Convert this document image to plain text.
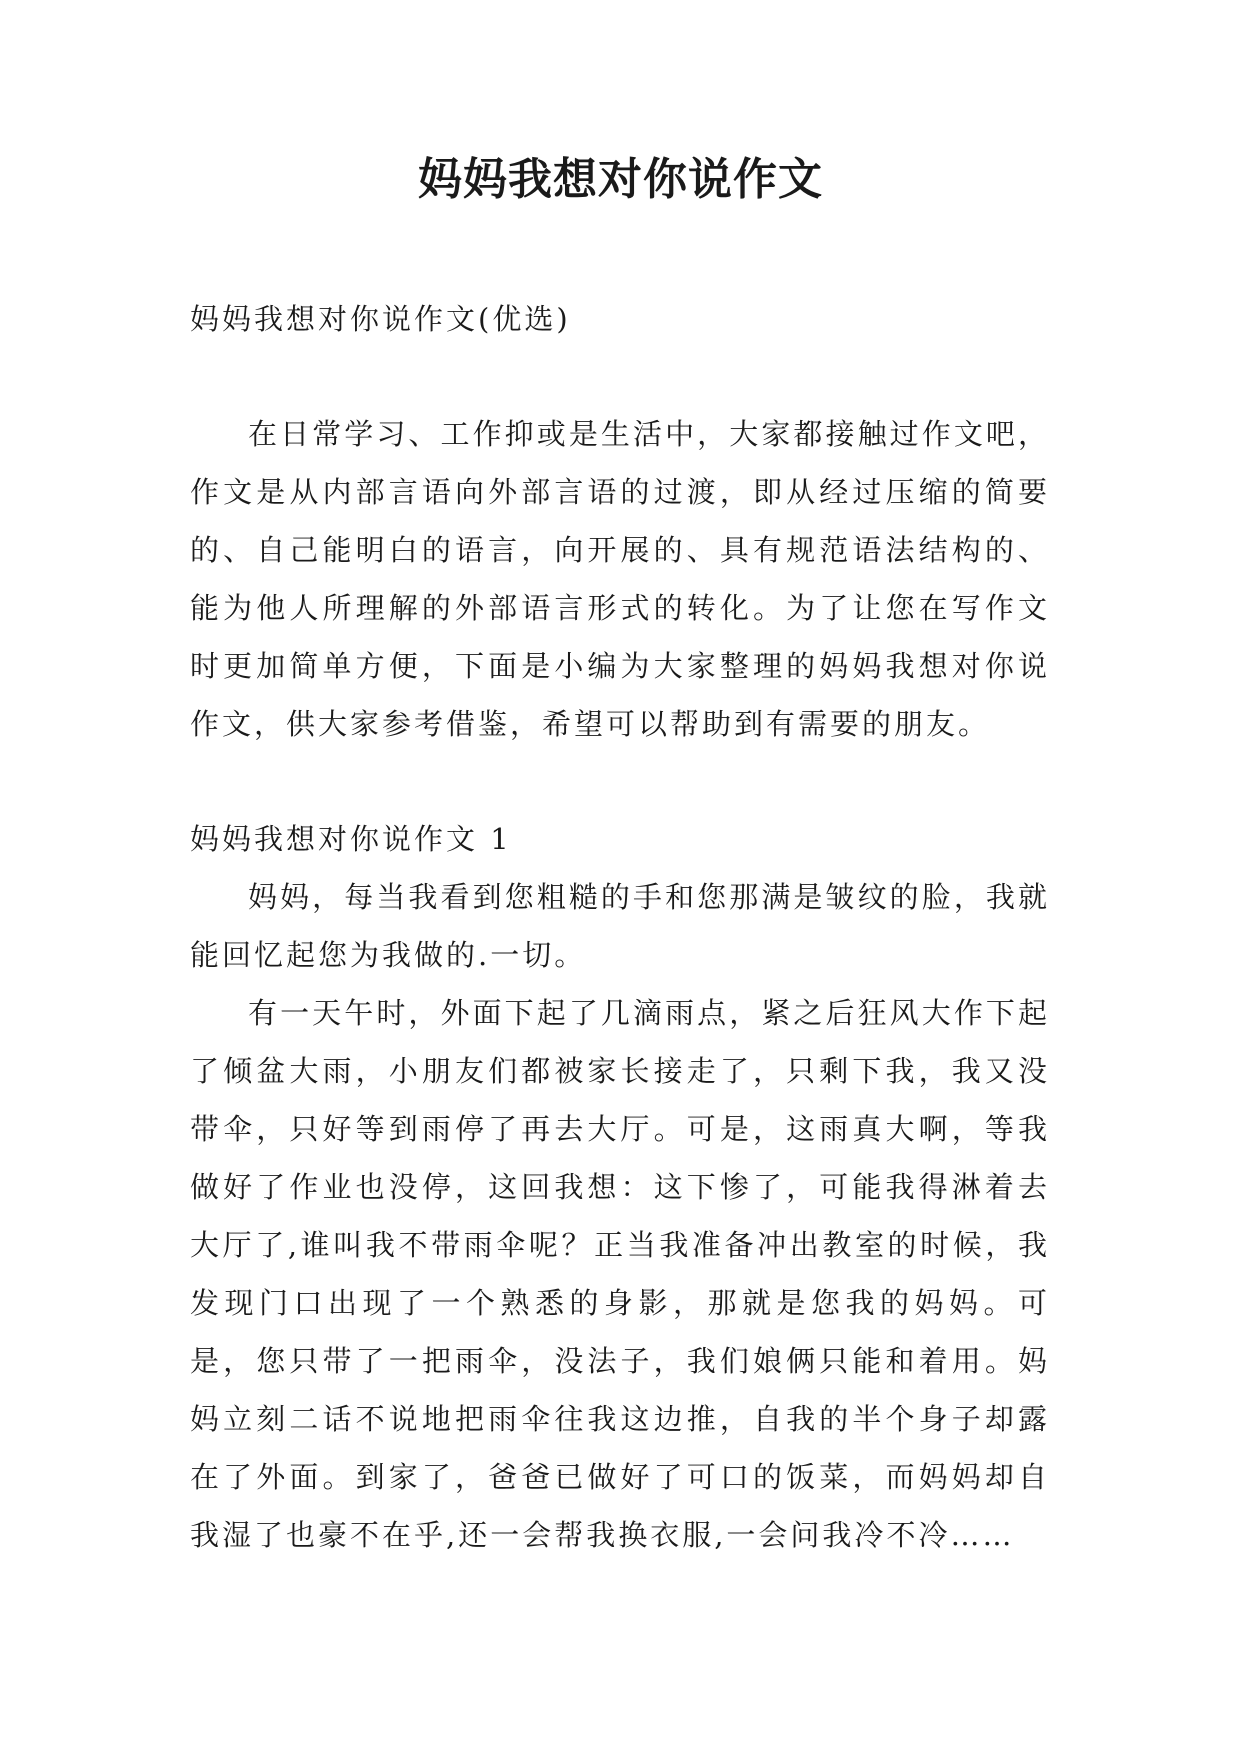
妈妈我想对你说作文

妈妈我想对你说作文(优选)

在日常学习、工作抑或是生活中，大家都接触过作文吧，作文是从内部言语向外部言语的过渡，即从经过压缩的简要的、自己能明白的语言，向开展的、具有规范语法结构的、能为他人所理解的外部语言形式的转化。为了让您在写作文时更加简单方便，下面是小编为大家整理的妈妈我想对你说作文，供大家参考借鉴，希望可以帮助到有需要的朋友。

妈妈我想对你说作文 1

妈妈，每当我看到您粗糙的手和您那满是皱纹的脸，我就能回忆起您为我做的.一切。

有一天午时，外面下起了几滴雨点，紧之后狂风大作下起了倾盆大雨，小朋友们都被家长接走了，只剩下我，我又没带伞，只好等到雨停了再去大厅。可是，这雨真大啊，等我做好了作业也没停，这回我想：这下惨了，可能我得淋着去大厅了,谁叫我不带雨伞呢？正当我准备冲出教室的时候，我发现门口出现了一个熟悉的身影，那就是您我的妈妈。可是，您只带了一把雨伞，没法子，我们娘俩只能和着用。妈妈立刻二话不说地把雨伞往我这边推，自我的半个身子却露在了外面。到家了，爸爸已做好了可口的饭菜，而妈妈却自我湿了也豪不在乎,还一会帮我换衣服,一会问我冷不冷……
